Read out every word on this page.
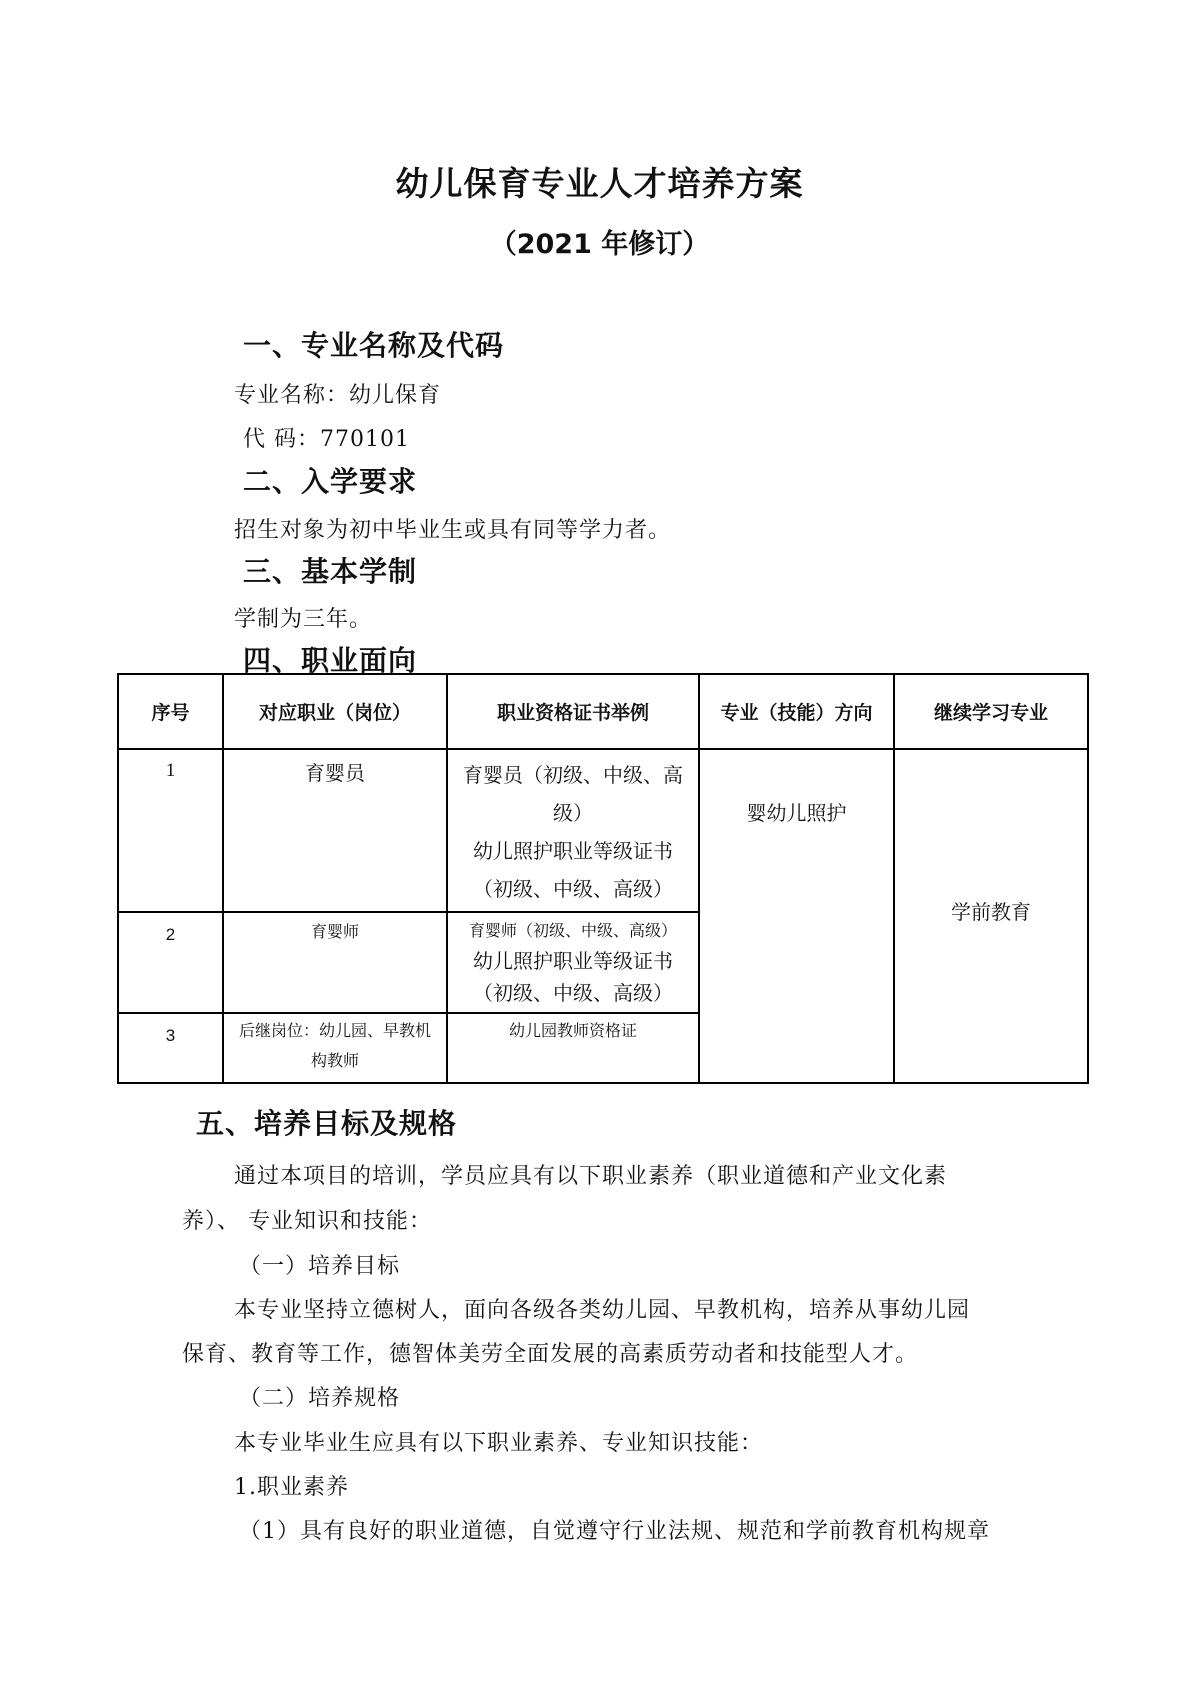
幼儿保育专业人才培养方案
（2021 年修订）
一、专业名称及代码
专业名称：幼儿保育
代 码：770101
二、入学要求
招生对象为初中毕业生或具有同等学力者。
三、基本学制
学制为三年。
四、职业面向
序号	对应职业（岗位）	职业资格证书举例	专业（技能）方向	继续学习专业

1	育婴员	育婴员（初级、中级、高
级）
幼儿照护职业等级证书
（初级、中级、高级）	婴幼儿照护	学前教育

2	育婴师	育婴师（初级、中级、高级）
幼儿照护职业等级证书
（初级、中级、高级）		

3	后继岗位：幼儿园、早教机
构教师	幼儿园教师资格证		
五、培养目标及规格
通过本项目的培训，学员应具有以下职业素养（职业道德和产业文化素
养）、 专业知识和技能：
（一）培养目标
本专业坚持立德树人，面向各级各类幼儿园、早教机构，培养从事幼儿园
保育、教育等工作，德智体美劳全面发展的高素质劳动者和技能型人才。
（二）培养规格
本专业毕业生应具有以下职业素养、专业知识技能：
1.职业素养
（1）具有良好的职业道德，自觉遵守行业法规、规范和学前教育机构规章
